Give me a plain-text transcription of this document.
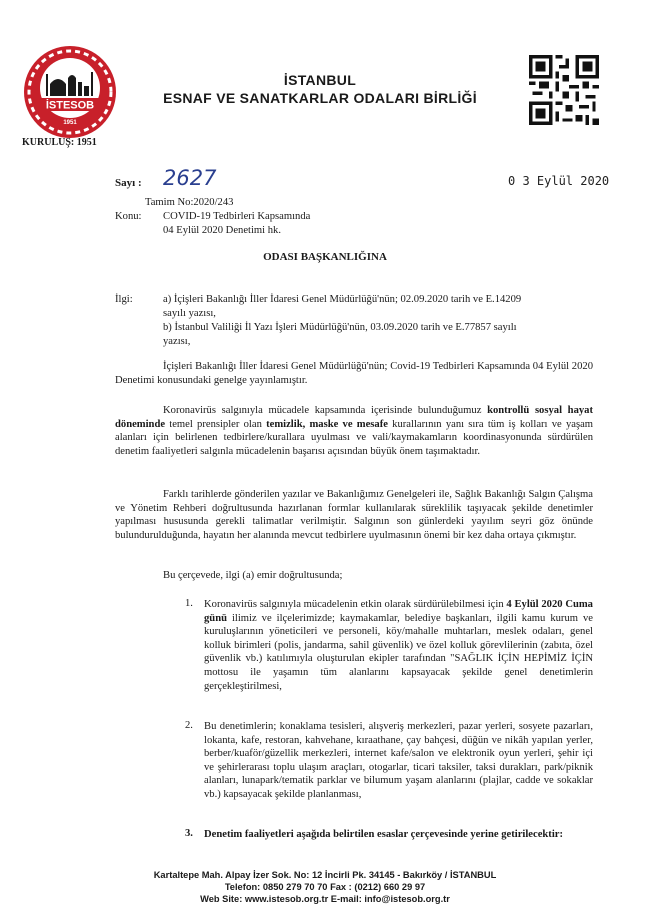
İSTESOB
1951
KURULUŞ: 1951
İSTANBUL
ESNAF VE SANATKARLAR ODALARI BİRLİĞİ
Sayı : 2627	0 3 Eylül 2020
Tamim No:2020/243
Konu: COVID-19 Tedbirleri Kapsamında
04 Eylül 2020 Denetimi hk.
ODASI BAŞKANLIĞINA
İlgi:	a) İçişleri Bakanlığı İller İdaresi Genel Müdürlüğü'nün; 02.09.2020 tarih ve E.14209
sayılı yazısı,
b) İstanbul Valiliği İl Yazı İşleri Müdürlüğü'nün, 03.09.2020 tarih ve E.77857 sayılı
yazısı,
İçişleri Bakanlığı İller İdaresi Genel Müdürlüğü'nün; Covid-19 Tedbirleri Kapsamında 04 Eylül 2020 Denetimi konusundaki genelge yayınlamıştır.
Koronavirüs salgınıyla mücadele kapsamında içerisinde bulunduğumuz kontrollü sosyal hayat döneminde temel prensipler olan temizlik, maske ve mesafe kurallarının yanı sıra tüm iş kolları ve yaşam alanları için belirlenen tedbirlere/kurallara uyulması ve vali/kaymakamların koordinasyonunda sürdürülen denetim faaliyetleri salgınla mücadelenin başarısı açısından büyük önem taşımaktadır.
Farklı tarihlerde gönderilen yazılar ve Bakanlığımız Genelgeleri ile, Sağlık Bakanlığı Salgın Çalışma ve Yönetim Rehberi doğrultusunda hazırlanan formlar kullanılarak süreklilik taşıyacak şekilde denetimler yapılması hususunda gerekli talimatlar verilmiştir. Salgının son günlerdeki yayılım seyri göz önünde bulundurulduğunda, hayatın her alanında mevcut tedbirlere uyulmasının önemi bir kez daha ortaya çıkmıştır.
Bu çerçevede, ilgi (a) emir doğrultusunda;
1. Koronavirüs salgınıyla mücadelenin etkin olarak sürdürülebilmesi için 4 Eylül 2020 Cuma günü ilimiz ve ilçelerimizde; kaymakamlar, belediye başkanları, ilgili kamu kurum ve kuruluşlarının yöneticileri ve personeli, köy/mahalle muhtarları, meslek odaları, genel kolluk birimleri (polis, jandarma, sahil güvenlik) ve özel kolluk görevlilerinin (zabıta, özel güvenlik vb.) katılımıyla oluşturulan ekipler tarafından "SAĞLIK İÇİN HEPİMİZ İÇİN mottosu ile yaşamın tüm alanlarını kapsayacak şekilde genel denetimlerin gerçekleştirilmesi,
2. Bu denetimlerin; konaklama tesisleri, alışveriş merkezleri, pazar yerleri, sosyete pazarları, lokanta, kafe, restoran, kahvehane, kıraathane, çay bahçesi, düğün ve nikâh yapılan yerler, berber/kuaför/güzellik merkezleri, internet kafe/salon ve elektronik oyun yerleri, şehir içi ve şehirlerarası toplu ulaşım araçları, otogarlar, ticari taksiler, taksi durakları, park/piknik alanları, lunapark/tematik parklar ve bilumum yaşam alanlarını (plajlar, cadde ve sokaklar vb.) kapsayacak şekilde planlanması,
3. Denetim faaliyetleri aşağıda belirtilen esaslar çerçevesinde yerine getirilecektir:
Kartaltepe Mah. Alpay İzer Sok. No: 12 İncirli Pk. 34145 - Bakırköy / İSTANBUL
Telefon: 0850 279 70 70 Fax : (0212) 660 29 97
Web Site: www.istesob.org.tr E-mail: info@istesob.org.tr
